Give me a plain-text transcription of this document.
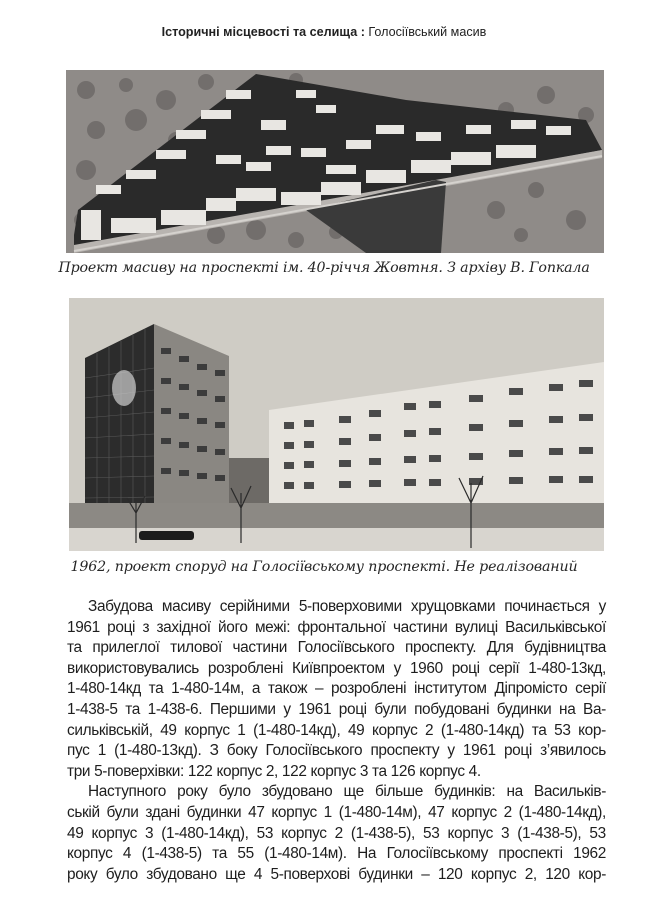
Історичні місцевості та селища : Голосіївський масив
Проект масиву на проспекті ім. 40-річчя Жовтня. З архіву В. Гопкала
1962, проект споруд на Голосіївському проспекті. Не реалізований
Забудова масиву серійними 5-поверховими хрущовками починається у
1961 році з західної його межі: фронтальної частини вулиці Васильківської
та прилеглої тилової частини Голосіївського проспекту. Для будівництва
використовувались розроблені Київпроектом у 1960 році серії 1-480-13кд,
1-480-14кд та 1-480-14м, а також – розроблені інститутом Діпромісто серії
1-438-5 та 1-438-6. Першими у 1961 році були побудовані будинки на Ва-
сильківській, 49 корпус 1 (1-480-14кд), 49 корпус 2 (1-480-14кд) та 53 кор-
пус 1 (1-480-13кд). З боку Голосіївського проспекту у 1961 році з’явилось
три 5-поверхівки: 122 корпус 2, 122 корпус 3 та 126 корпус 4.
Наступного року було збудовано ще більше будинків: на Васильків-
ській були здані будинки 47 корпус 1 (1-480-14м), 47 корпус 2 (1-480-14кд),
49 корпус 3 (1-480-14кд), 53 корпус 2 (1-438-5), 53 корпус 3 (1-438-5), 53
корпус 4 (1-438-5) та 55 (1-480-14м). На Голосіївському проспекті 1962
року було збудовано ще 4 5-поверхові будинки – 120 корпус 2, 120 кор-
